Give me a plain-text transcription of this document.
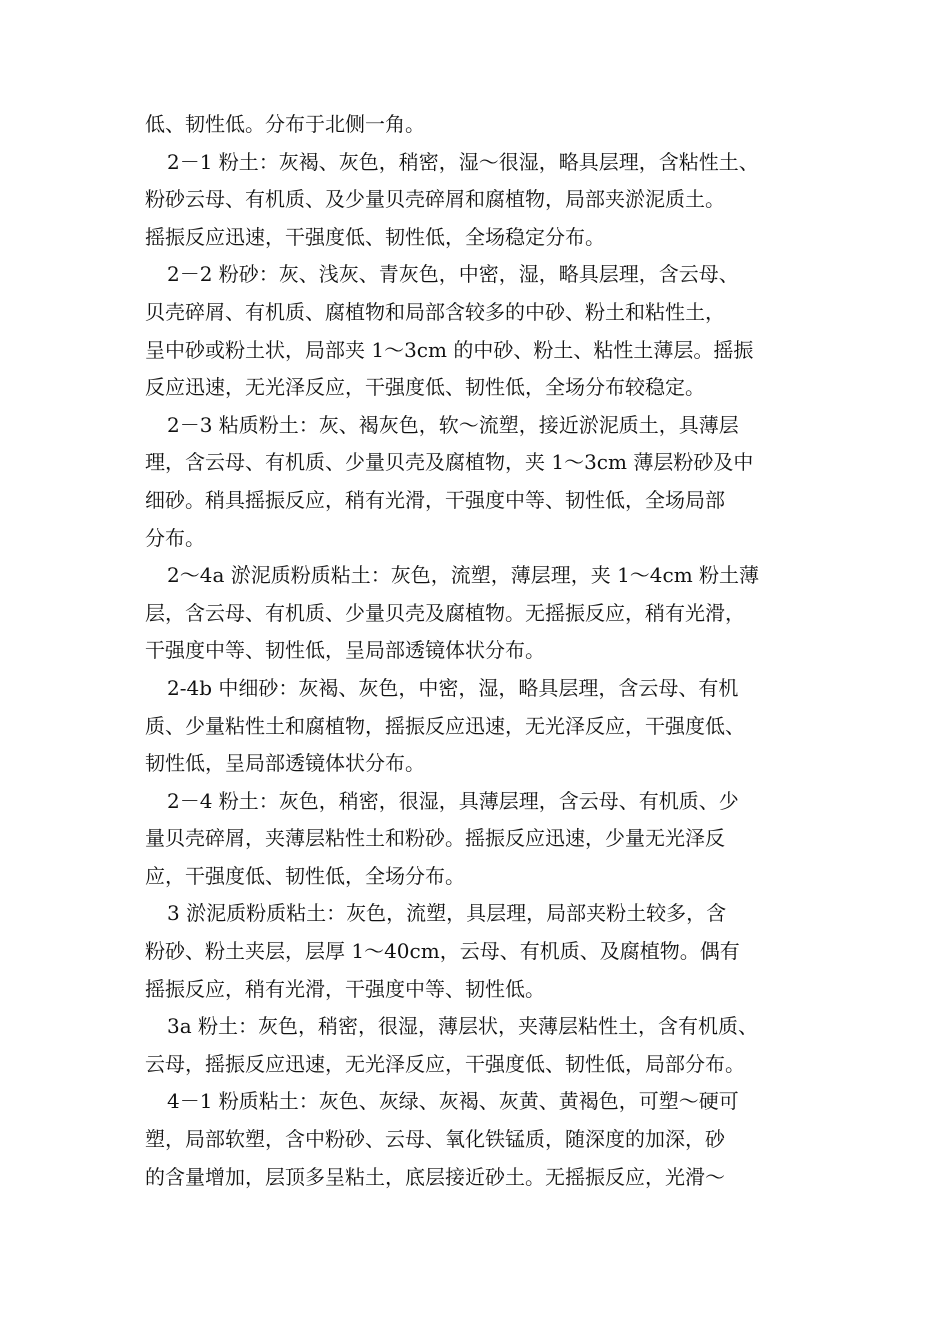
低、韧性低。分布于北侧一角。
2－1 粉土：灰褐、灰色，稍密，湿～很湿，略具层理，含粘性土、
粉砂云母、有机质、及少量贝壳碎屑和腐植物，局部夹淤泥质土。
摇振反应迅速，干强度低、韧性低，全场稳定分布。
2－2 粉砂：灰、浅灰、青灰色，中密，湿，略具层理，含云母、
贝壳碎屑、有机质、腐植物和局部含较多的中砂、粉土和粘性土，
呈中砂或粉土状，局部夹 1～3cm 的中砂、粉土、粘性土薄层。摇振
反应迅速，无光泽反应，干强度低、韧性低，全场分布较稳定。
2－3 粘质粉土：灰、褐灰色，软～流塑，接近淤泥质土，具薄层
理，含云母、有机质、少量贝壳及腐植物，夹 1～3cm 薄层粉砂及中
细砂。稍具摇振反应，稍有光滑，干强度中等、韧性低，全场局部
分布。
2～4a 淤泥质粉质粘土：灰色，流塑，薄层理，夹 1～4cm 粉土薄
层，含云母、有机质、少量贝壳及腐植物。无摇振反应，稍有光滑，
干强度中等、韧性低，呈局部透镜体状分布。
2-4b 中细砂：灰褐、灰色，中密，湿，略具层理，含云母、有机
质、少量粘性土和腐植物，摇振反应迅速，无光泽反应，干强度低、
韧性低，呈局部透镜体状分布。
2－4 粉土：灰色，稍密，很湿，具薄层理，含云母、有机质、少
量贝壳碎屑，夹薄层粘性土和粉砂。摇振反应迅速，少量无光泽反
应，干强度低、韧性低，全场分布。
3 淤泥质粉质粘土：灰色，流塑，具层理，局部夹粉土较多，含
粉砂、粉土夹层，层厚 1～40cm，云母、有机质、及腐植物。偶有
摇振反应，稍有光滑，干强度中等、韧性低。
3a 粉土：灰色，稍密，很湿，薄层状，夹薄层粘性土，含有机质、
云母，摇振反应迅速，无光泽反应，干强度低、韧性低，局部分布。
4－1 粉质粘土：灰色、灰绿、灰褐、灰黄、黄褐色，可塑～硬可
塑，局部软塑，含中粉砂、云母、氧化铁锰质，随深度的加深，砂
的含量增加，层顶多呈粘土，底层接近砂土。无摇振反应，光滑～
